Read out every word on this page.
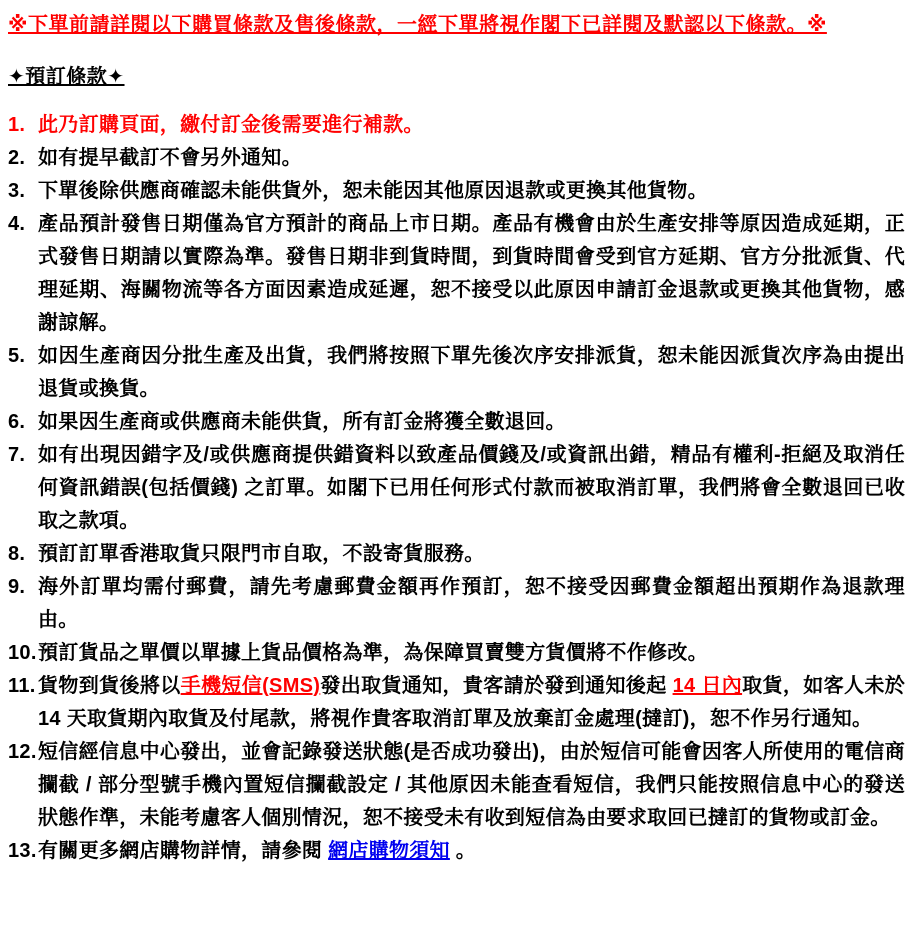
※下單前請詳閱以下購買條款及售後條款，一經下單將視作閣下已詳閱及默認以下條款。※
✦預訂條款✦
1. 此乃訂購頁面，繳付訂金後需要進行補款。
2. 如有提早截訂不會另外通知。
3. 下單後除供應商確認未能供貨外，恕未能因其他原因退款或更換其他貨物。
4. 產品預計發售日期僅為官方預計的商品上市日期。產品有機會由於生產安排等原因造成延期，正式發售日期請以實際為準。發售日期非到貨時間，到貨時間會受到官方延期、官方分批派貨、代理延期、海關物流等各方面因素造成延遲，恕不接受以此原因申請訂金退款或更換其他貨物，感謝諒解。
5. 如因生產商因分批生產及出貨，我們將按照下單先後次序安排派貨，恕未能因派貨次序為由提出退貨或換貨。
6. 如果因生產商或供應商未能供貨，所有訂金將獲全數退回。
7. 如有出現因錯字及/或供應商提供錯資料以致產品價錢及/或資訊出錯，精品有權利-拒絕及取消任何資訊錯誤(包括價錢) 之訂單。如閣下已用任何形式付款而被取消訂單，我們將會全數退回已收取之款項。
8. 預訂訂單香港取貨只限門市自取，不設寄貨服務。
9. 海外訂單均需付郵費，請先考慮郵費金額再作預訂，恕不接受因郵費金額超出預期作為退款理由。
10. 預訂貨品之單價以單據上貨品價格為準，為保障買賣雙方貨價將不作修改。
11. 貨物到貨後將以手機短信(SMS)發出取貨通知，貴客請於發到通知後起 14 日內取貨，如客人未於 14 天取貨期內取貨及付尾款，將視作貴客取消訂單及放棄訂金處理(撻訂)，恕不作另行通知。
12. 短信經信息中心發出，並會記錄發送狀態(是否成功發出)，由於短信可能會因客人所使用的電信商攔截 / 部分型號手機內置短信攔截設定 / 其他原因未能查看短信，我們只能按照信息中心的發送狀態作準，未能考慮客人個別情況，恕不接受未有收到短信為由要求取回已撻訂的貨物或訂金。
13. 有關更多網店購物詳情，請參閱 網店購物須知 。
